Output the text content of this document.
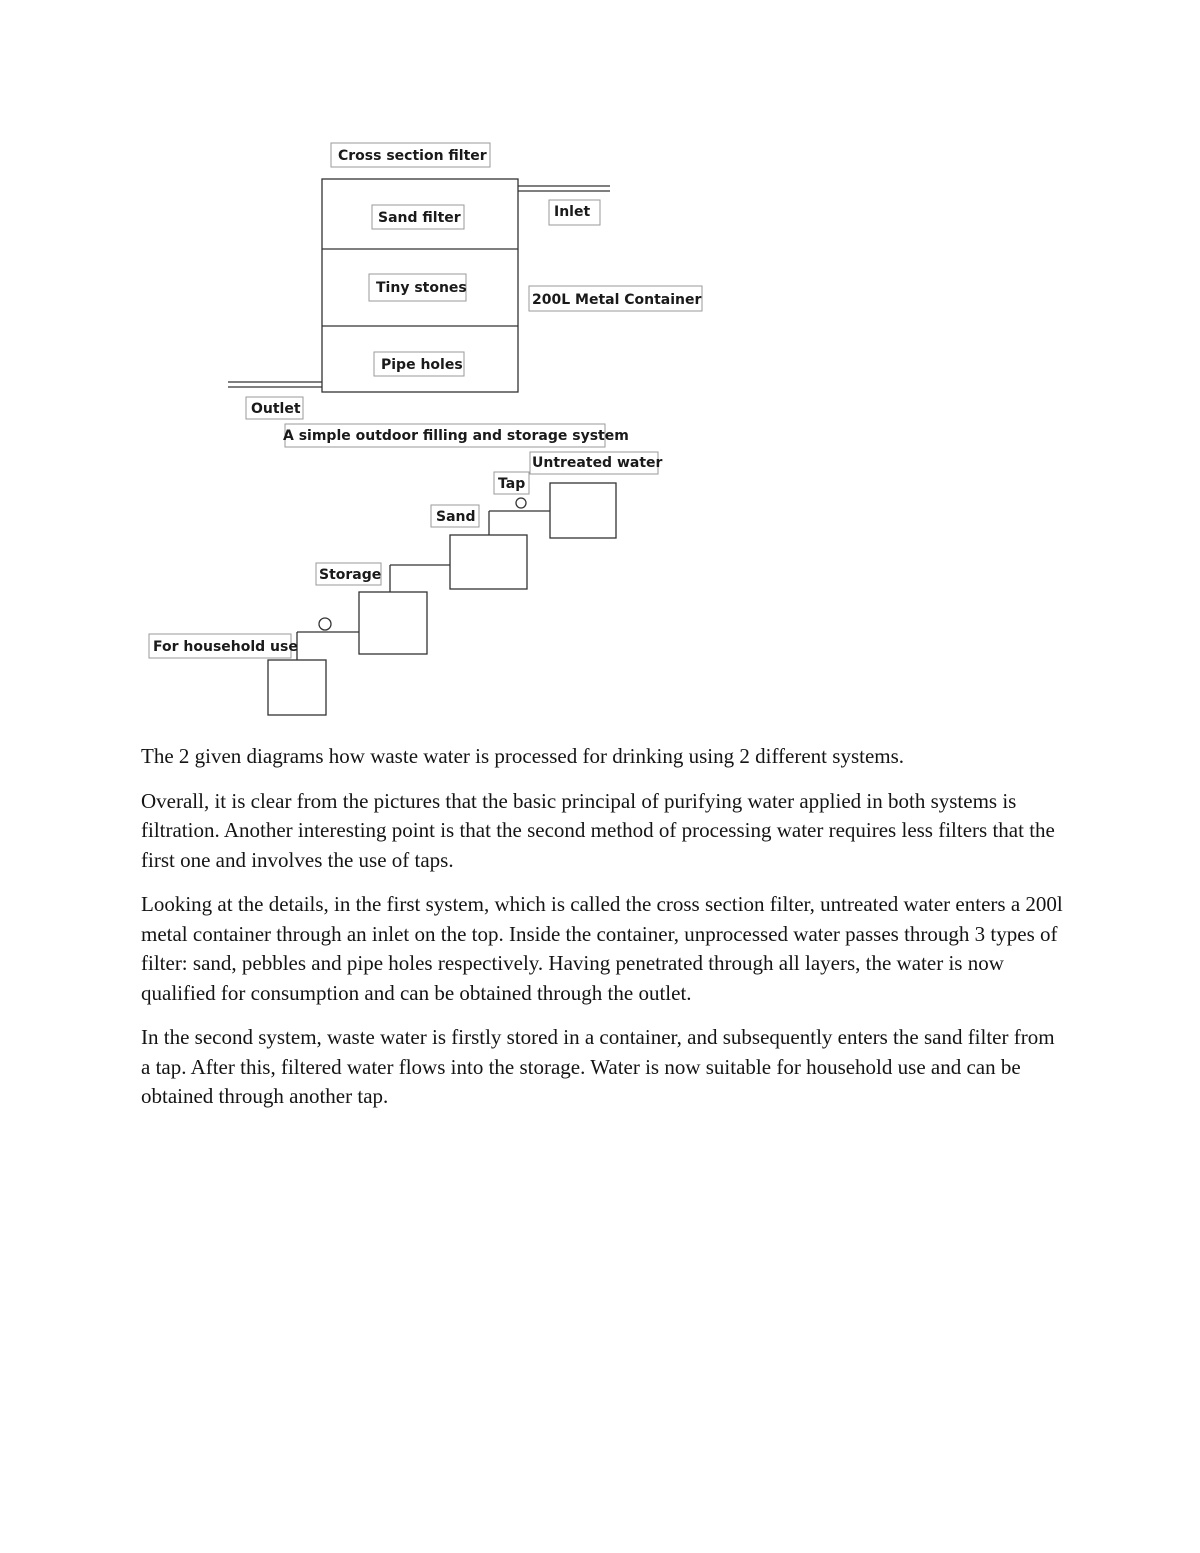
Cross section filter
Sand filter
Tiny stones
Pipe holes
Inlet
200L Metal Container
Outlet
A simple outdoor filling and storage system
Untreated water
Tap
Sand
Storage
For household use

The 2 given diagrams how waste water is processed for drinking using 2 different systems.

Overall, it is clear from the pictures that the basic principal of purifying water applied in both systems is filtration. Another interesting point is that the second method of processing water requires less filters that the first one and involves the use of taps.

Looking at the details, in the first system, which is called the cross section filter, untreated water enters a 200l metal container through an inlet on the top. Inside the container, unprocessed water passes through 3 types of filter: sand, pebbles and pipe holes respectively. Having penetrated through all layers, the water is now qualified for consumption and can be obtained through the outlet.

In the second system, waste water is firstly stored in a container, and subsequently enters the sand filter from a tap. After this, filtered water flows into the storage. Water is now suitable for household use and can be obtained through another tap.
